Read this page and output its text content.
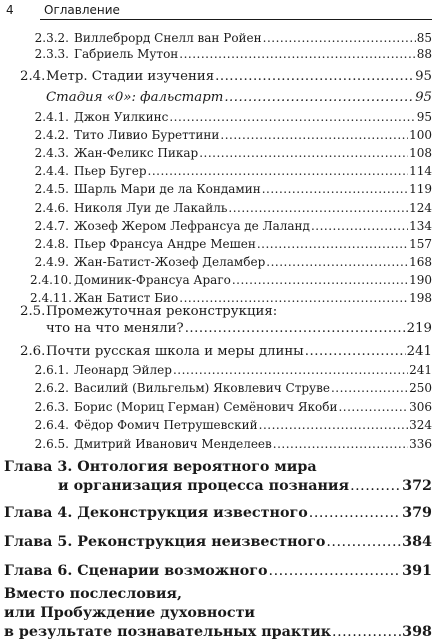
4	Оглавление
2.3.2. Виллеброрд Снелл ван Ройен .....	85
2.3.3. Габриель Мутон .....	88
2.4. Метр. Стадии изучения .....	95
Стадия «0»: фальстарт .....	95
2.4.1. Джон Уилкинс .....	95
2.4.2. Тито Ливио Буреттини .....	100
2.4.3. Жан-Феликс Пикар .....	108
2.4.4. Пьер Бугер .....	114
2.4.5. Шарль Мари де ла Кондамин .....	119
2.4.6. Николя Луи де Лакайль .....	124
2.4.7. Жозеф Жером Лефрансуа де Лаланд .....	134
2.4.8. Пьер Франсуа Андре Мешен .....	157
2.4.9. Жан-Батист-Жозеф Деламбер .....	168
2.4.10. Доминик-Франсуа Араго .....	190
2.4.11. Жан Батист Био .....	198
2.5. Промежуточная реконструкция:
что на что меняли? .....	219
2.6. Почти русская школа и меры длины .....	241
2.6.1. Леонард Эйлер .....	241
2.6.2. Василий (Вильгельм) Яковлевич Струве .....	250
2.6.3. Борис (Мориц Герман) Семёнович Якоби .....	306
2.6.4. Фёдор Фомич Петрушевский .....	324
2.6.5. Дмитрий Иванович Менделеев .....	336
Глава 3. Онтология вероятного мира
и организация процесса познания .....	372
Глава 4. Деконструкция известного .....	379
Глава 5. Реконструкция неизвестного .....	384
Глава 6. Сценарии возможного .....	391
Вместо послесловия,
или Пробуждение духовности
в результате познавательных практик .....	398
